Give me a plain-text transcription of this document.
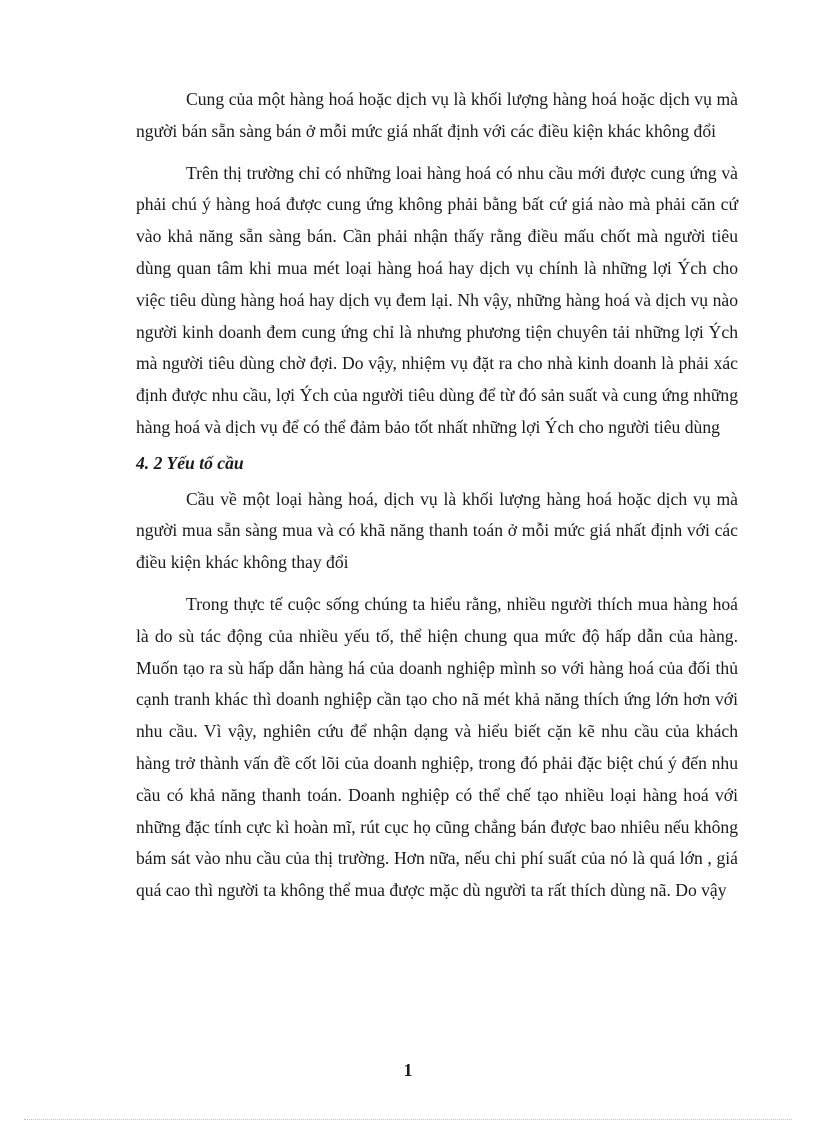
Cung của một hàng hoá hoặc dịch vụ là khối lượng hàng hoá hoặc dịch vụ mà người bán sẵn sàng bán ở mỗi mức giá nhất định với các điều kiện khác không đổi

Trên thị trường chỉ có những loai hàng hoá có nhu cầu mới được cung ứng và phải chú ý hàng hoá được cung ứng không phải bằng bất cứ giá nào mà phải căn cứ vào khả năng sẵn sàng bán. Cần phải nhận thấy rằng điều mấu chốt mà người tiêu dùng quan tâm khi mua mét loại hàng hoá hay dịch vụ chính là những lợi Ých cho việc tiêu dùng hàng hoá hay dịch vụ đem lại. Nh vậy, những hàng hoá và dịch vụ nào người kinh doanh đem cung ứng chỉ là nhưng phương tiện chuyên tải những lợi Ých mà người tiêu dùng chờ đợi. Do vậy, nhiệm vụ đặt ra cho nhà kinh doanh là phải xác định được nhu cầu, lợi Ých của người tiêu dùng để từ đó sản suất và cung ứng những hàng hoá và dịch vụ để có thể đảm bảo tốt nhất những lợi Ých cho người tiêu dùng

4. 2 Yếu tố cầu

Cầu về một loại hàng hoá, dịch vụ là khối lượng hàng hoá hoặc dịch vụ mà người mua sẵn sàng mua và có khã năng thanh toán ở mỗi mức giá nhất định với các điều kiện khác không thay đổi

Trong thực tế cuộc sống chúng ta hiểu rằng, nhiều người thích mua hàng hoá là do sù tác động của nhiều yếu tố, thể hiện chung qua mức độ hấp dẫn của hàng. Muốn tạo ra sù hấp dẫn hàng há của doanh nghiệp mình so với hàng hoá của đối thủ cạnh tranh khác thì doanh nghiệp cần tạo cho nã mét khả năng thích ứng lớn hơn với nhu cầu. Vì vậy, nghiên cứu để nhận dạng và hiểu biết cặn kẽ nhu cầu của khách hàng trở thành vấn đề cốt lõi của doanh nghiệp, trong đó phải đặc biệt chú ý đến nhu cầu có khả năng thanh toán. Doanh nghiệp có thể chế tạo nhiều loại hàng hoá với những đặc tính cực kì hoàn mĩ, rút cục họ cũng chẳng bán được bao nhiêu nếu không bám sát vào nhu cầu của thị trường. Hơn nữa, nếu chi phí suất của nó là quá lớn , giá quá cao thì người ta không thể mua được mặc dù người ta rất thích dùng nã. Do vậy

1
